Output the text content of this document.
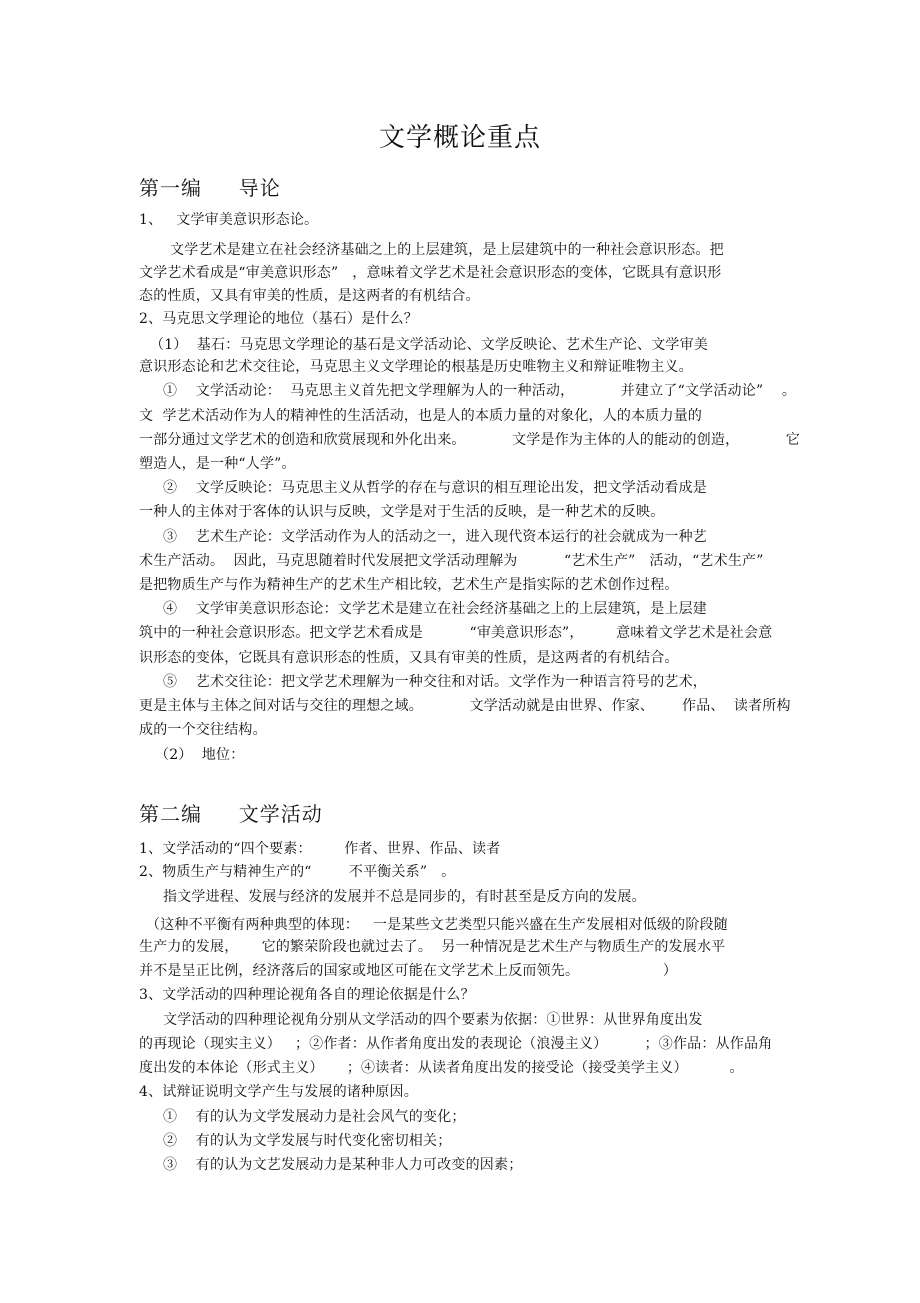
文学概论重点
第一编     导论
1、   文学审美意识形态论。
文学艺术是建立在社会经济基础之上的上层建筑，是上层建筑中的一种社会意识形态。把
文学艺术看成是“审美意识形态”   ，意味着文学艺术是社会意识形态的变体，它既具有意识形
态的性质，又具有审美的性质，是这两者的有机结合。
2、马克思文学理论的地位（基石）是什么？
（1）  基石：马克思文学理论的基石是文学活动论、文学反映论、艺术生产论、文学审美
意识形态论和艺术交往论，马克思主义文学理论的根基是历史唯物主义和辩证唯物主义。
①    文学活动论：  马克思主义首先把文学理解为人的一种活动，          并建立了“文学活动论”    。
文  学艺术活动作为人的精神性的生活活动，也是人的本质力量的对象化，人的本质力量的
一部分通过文学艺术的创造和欣赏展现和外化出来。          文学是作为主体的人的能动的创造，          它
塑造人，是一种“人学”。
②    文学反映论：马克思主义从哲学的存在与意识的相互理论出发，把文学活动看成是
一种人的主体对于客体的认识与反映，文学是对于生活的反映，是一种艺术的反映。
③    艺术生产论：文学活动作为人的活动之一，进入现代资本运行的社会就成为一种艺
术生产活动。  因此，马克思随着时代发展把文学活动理解为          “艺术生产”   活动，“艺术生产”
是把物质生产与作为精神生产的艺术生产相比较，艺术生产是指实际的艺术创作过程。
④    文学审美意识形态论：文学艺术是建立在社会经济基础之上的上层建筑，是上层建
筑中的一种社会意识形态。把文学艺术看成是          “审美意识形态”，       意味着文学艺术是社会意
识形态的变体，它既具有意识形态的性质，又具有审美的性质，是这两者的有机结合。
⑤    艺术交往论：把文学艺术理解为一种交往和对话。文学作为一种语言符号的艺术，
更是主体与主体之间对话与交往的理想之域。          文学活动就是由世界、作家、      作品、  读者所构
成的一个交往结构。
（2）  地位：
第二编     文学活动
1、文学活动的“四个要素：       作者、世界、作品、读者
2、物质生产与精神生产的“        不平衡关系”   。
指文学进程、发展与经济的发展并不总是同步的，有时甚至是反方向的发展。
（这种不平衡有两种典型的体现：   一是某些文艺类型只能兴盛在生产发展相对低级的阶段随
生产力的发展，     它的繁荣阶段也就过去了。  另一种情况是艺术生产与物质生产的发展水平
并不是呈正比例，经济落后的国家或地区可能在文学艺术上反而领先。                  ）
3、文学活动的四种理论视角各自的理论依据是什么？
文学活动的四种理论视角分别从文学活动的四个要素为依据：①世界：从世界角度出发
的再现论（现实主义）   ；②作者：从作者角度出发的表现论（浪漫主义）        ；③作品：从作品角
度出发的本体论（形式主义）     ；④读者：从读者角度出发的接受论（接受美学主义）         。
4、试辩证说明文学产生与发展的诸种原因。
①    有的认为文学发展动力是社会风气的变化；
②    有的认为文学发展与时代变化密切相关；
③    有的认为文艺发展动力是某种非人力可改变的因素；
